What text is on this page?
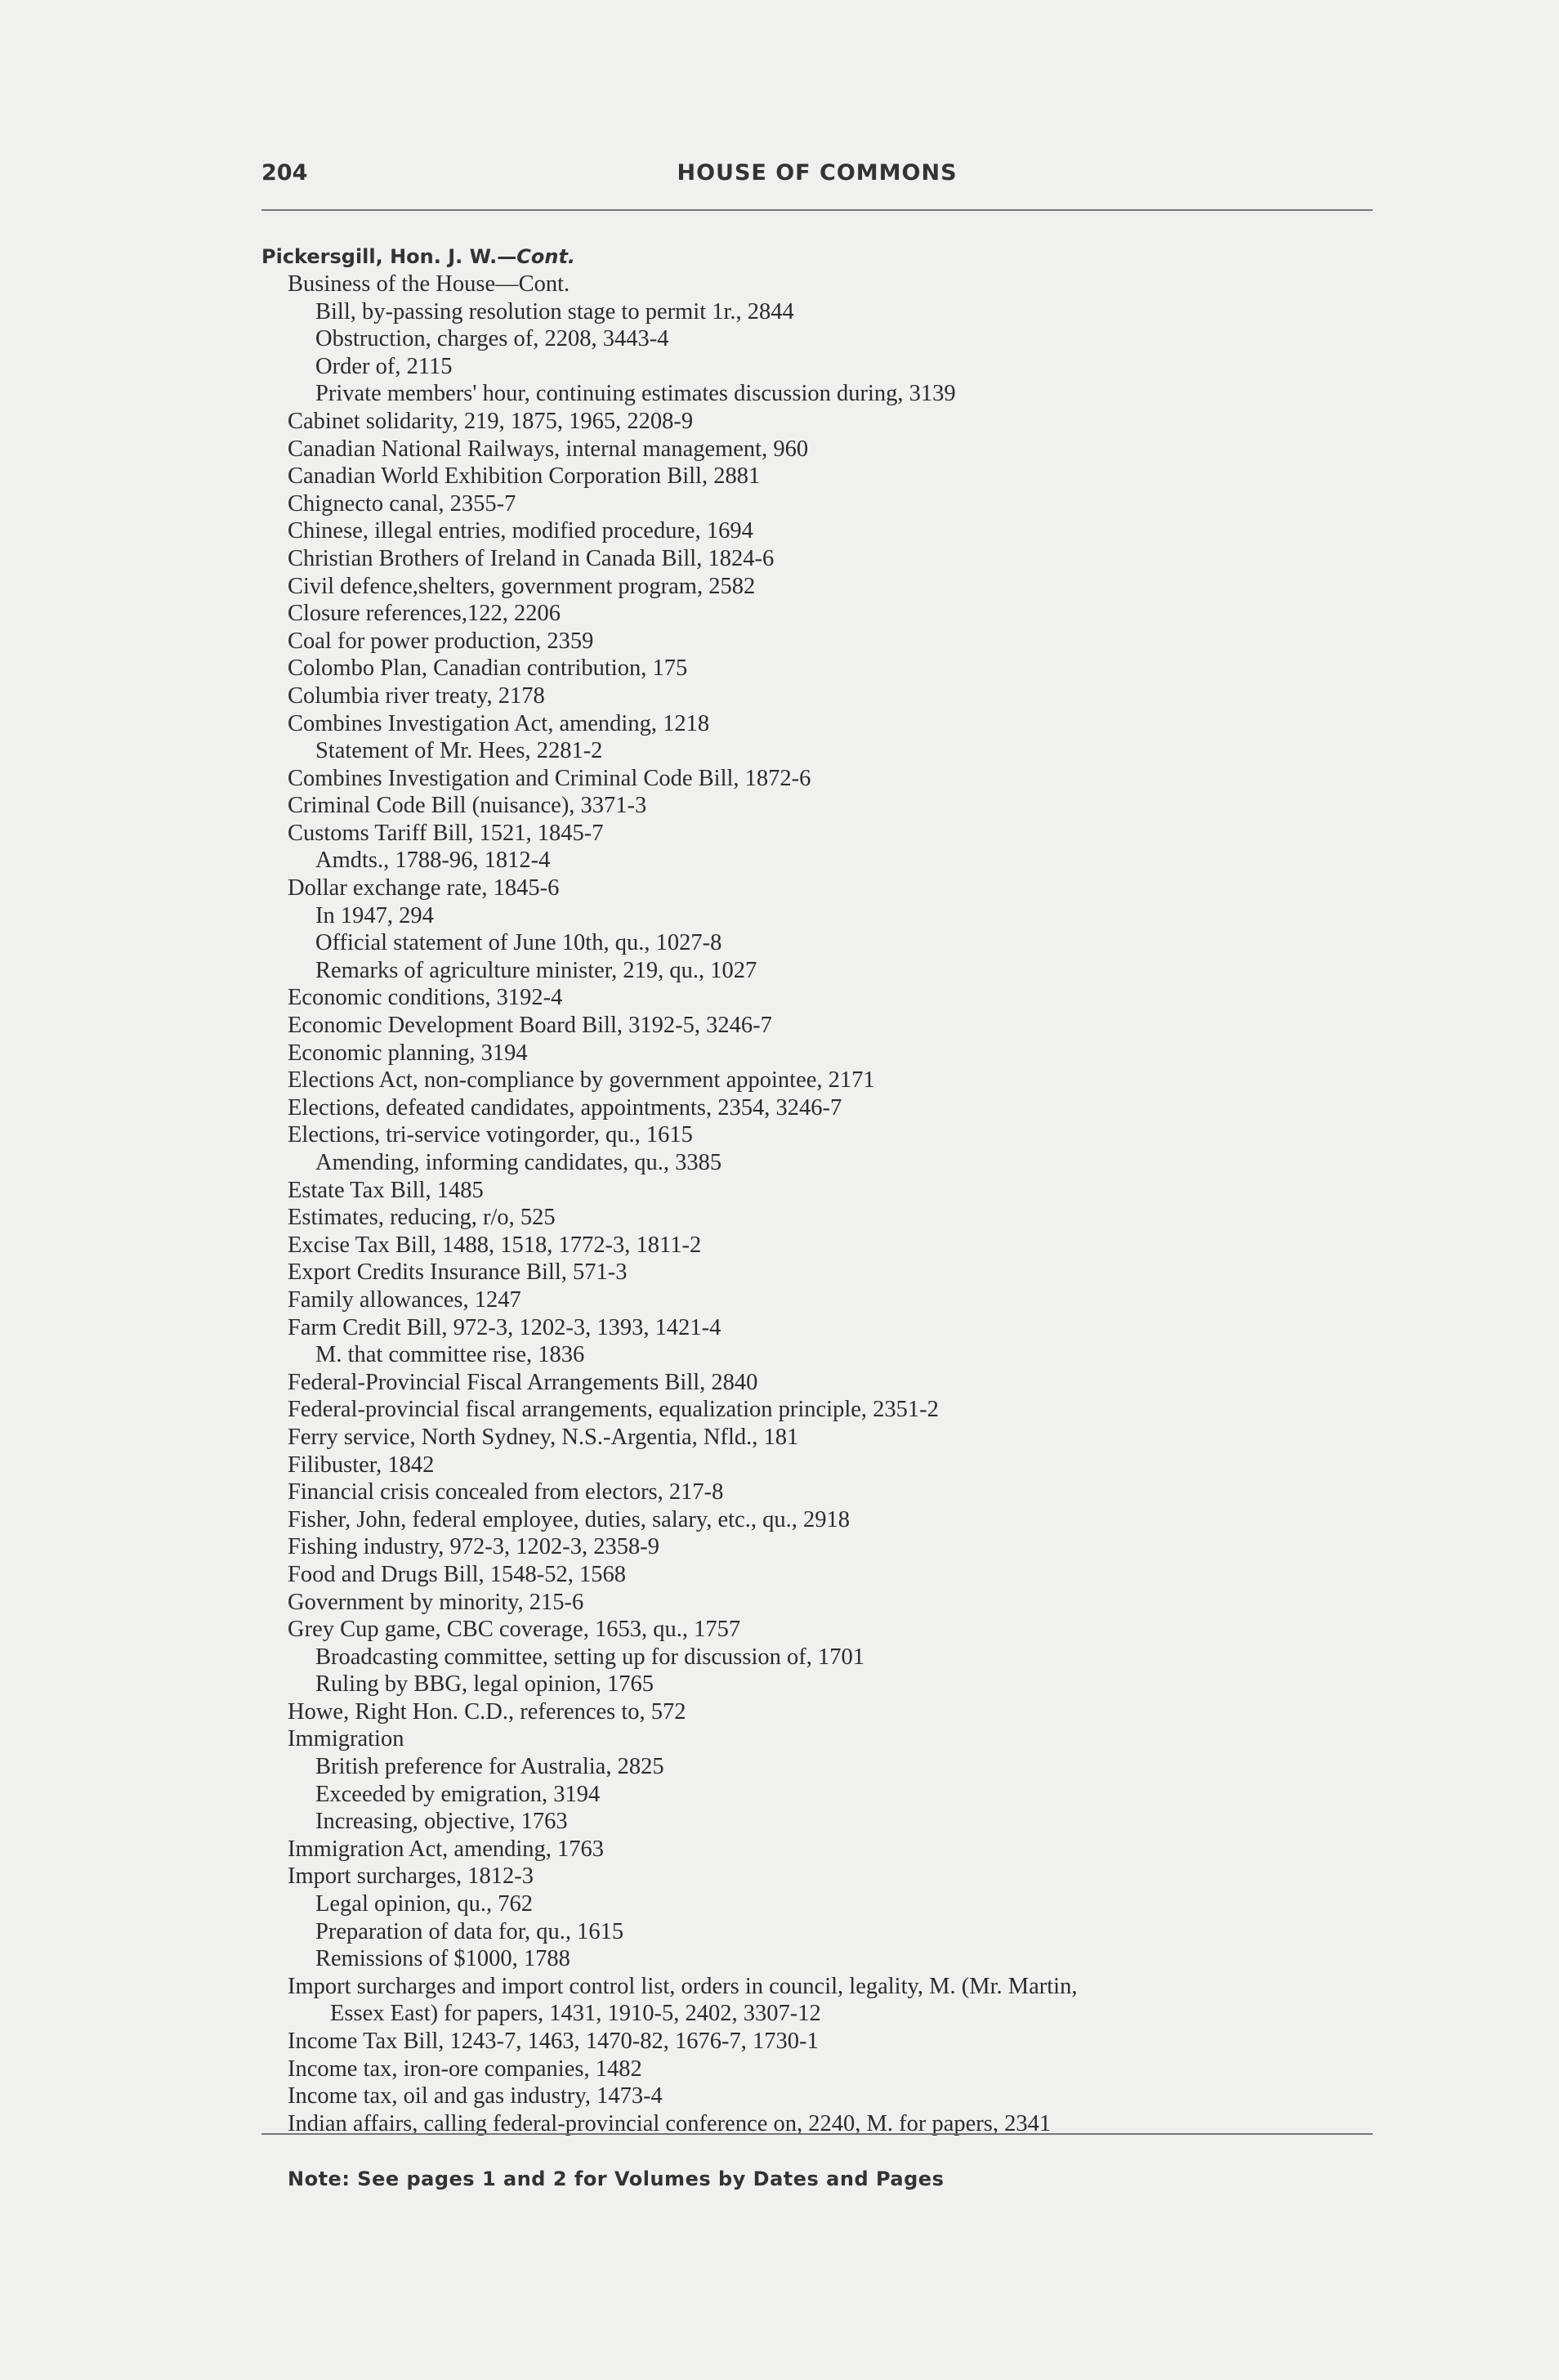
204	HOUSE OF COMMONS
Pickersgill, Hon. J. W.—Cont.
Business of the House—Cont.
Bill, by-passing resolution stage to permit 1r., 2844
Obstruction, charges of, 2208, 3443-4
Order of, 2115
Private members' hour, continuing estimates discussion during, 3139
Cabinet solidarity, 219, 1875, 1965, 2208-9
Canadian National Railways, internal management, 960
Canadian World Exhibition Corporation Bill, 2881
Chignecto canal, 2355-7
Chinese, illegal entries, modified procedure, 1694
Christian Brothers of Ireland in Canada Bill, 1824-6
Civil defence,shelters, government program, 2582
Closure references,122, 2206
Coal for power production, 2359
Colombo Plan, Canadian contribution, 175
Columbia river treaty, 2178
Combines Investigation Act, amending, 1218
Statement of Mr. Hees, 2281-2
Combines Investigation and Criminal Code Bill, 1872-6
Criminal Code Bill (nuisance), 3371-3
Customs Tariff Bill, 1521, 1845-7
Amdts., 1788-96, 1812-4
Dollar exchange rate, 1845-6
In 1947, 294
Official statement of June 10th, qu., 1027-8
Remarks of agriculture minister, 219, qu., 1027
Economic conditions, 3192-4
Economic Development Board Bill, 3192-5, 3246-7
Economic planning, 3194
Elections Act, non-compliance by government appointee, 2171
Elections, defeated candidates, appointments, 2354, 3246-7
Elections, tri-service votingorder, qu., 1615
Amending, informing candidates, qu., 3385
Estate Tax Bill, 1485
Estimates, reducing, r/o, 525
Excise Tax Bill, 1488, 1518, 1772-3, 1811-2
Export Credits Insurance Bill, 571-3
Family allowances, 1247
Farm Credit Bill, 972-3, 1202-3, 1393, 1421-4
M. that committee rise, 1836
Federal-Provincial Fiscal Arrangements Bill, 2840
Federal-provincial fiscal arrangements, equalization principle, 2351-2
Ferry service, North Sydney, N.S.-Argentia, Nfld., 181
Filibuster, 1842
Financial crisis concealed from electors, 217-8
Fisher, John, federal employee, duties, salary, etc., qu., 2918
Fishing industry, 972-3, 1202-3, 2358-9
Food and Drugs Bill, 1548-52, 1568
Government by minority, 215-6
Grey Cup game, CBC coverage, 1653, qu., 1757
Broadcasting committee, setting up for discussion of, 1701
Ruling by BBG, legal opinion, 1765
Howe, Right Hon. C.D., references to, 572
Immigration
British preference for Australia, 2825
Exceeded by emigration, 3194
Increasing, objective, 1763
Immigration Act, amending, 1763
Import surcharges, 1812-3
Legal opinion, qu., 762
Preparation of data for, qu., 1615
Remissions of $1000, 1788
Import surcharges and import control list, orders in council, legality, M. (Mr. Martin,
Essex East) for papers, 1431, 1910-5, 2402, 3307-12
Income Tax Bill, 1243-7, 1463, 1470-82, 1676-7, 1730-1
Income tax, iron-ore companies, 1482
Income tax, oil and gas industry, 1473-4
Indian affairs, calling federal-provincial conference on, 2240, M. for papers, 2341
Note: See pages 1 and 2 for Volumes by Dates and Pages
